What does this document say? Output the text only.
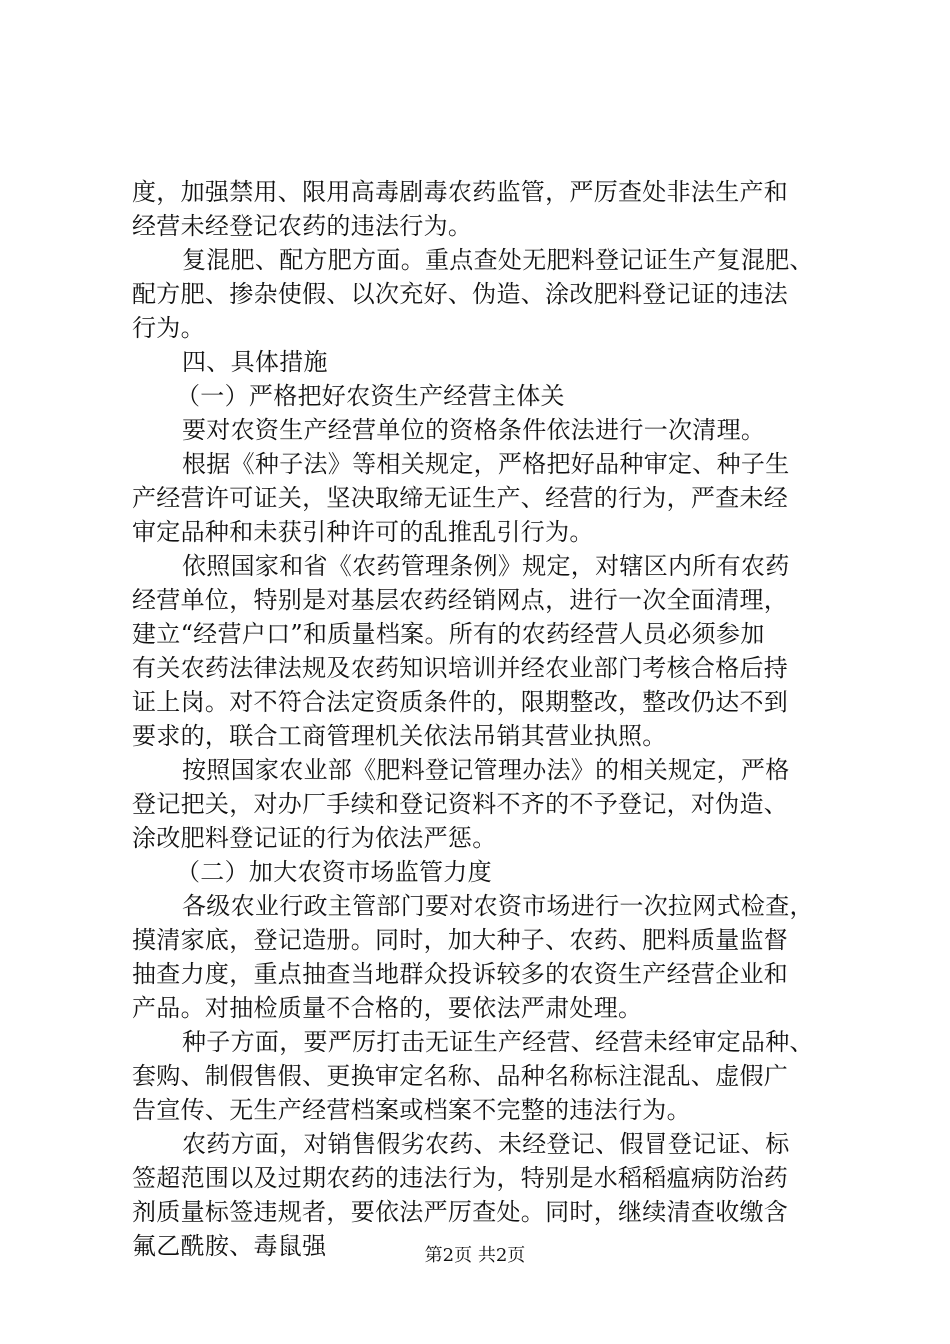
度，加强禁用、限用高毒剧毒农药监管，严厉查处非法生产和
经营未经登记农药的违法行为。
复混肥、配方肥方面。重点查处无肥料登记证生产复混肥、
配方肥、掺杂使假、以次充好、伪造、涂改肥料登记证的违法
行为。
四、具体措施
（一）严格把好农资生产经营主体关
要对农资生产经营单位的资格条件依法进行一次清理。
根据《种子法》等相关规定，严格把好品种审定、种子生
产经营许可证关，坚决取缔无证生产、经营的行为，严查未经
审定品种和未获引种许可的乱推乱引行为。
依照国家和省《农药管理条例》规定，对辖区内所有农药
经营单位，特别是对基层农药经销网点，进行一次全面清理，
建立“经营户口”和质量档案。所有的农药经营人员必须参加
有关农药法律法规及农药知识培训并经农业部门考核合格后持
证上岗。对不符合法定资质条件的，限期整改，整改仍达不到
要求的，联合工商管理机关依法吊销其营业执照。
按照国家农业部《肥料登记管理办法》的相关规定，严格
登记把关，对办厂手续和登记资料不齐的不予登记，对伪造、
涂改肥料登记证的行为依法严惩。
（二）加大农资市场监管力度
各级农业行政主管部门要对农资市场进行一次拉网式检查，
摸清家底，登记造册。同时，加大种子、农药、肥料质量监督
抽查力度，重点抽查当地群众投诉较多的农资生产经营企业和
产品。对抽检质量不合格的，要依法严肃处理。
种子方面，要严厉打击无证生产经营、经营未经审定品种、
套购、制假售假、更换审定名称、品种名称标注混乱、虚假广
告宣传、无生产经营档案或档案不完整的违法行为。
农药方面，对销售假劣农药、未经登记、假冒登记证、标
签超范围以及过期农药的违法行为，特别是水稻稻瘟病防治药
剂质量标签违规者，要依法严厉查处。同时，继续清查收缴含
氟乙酰胺、毒鼠强	第2页 共2页
